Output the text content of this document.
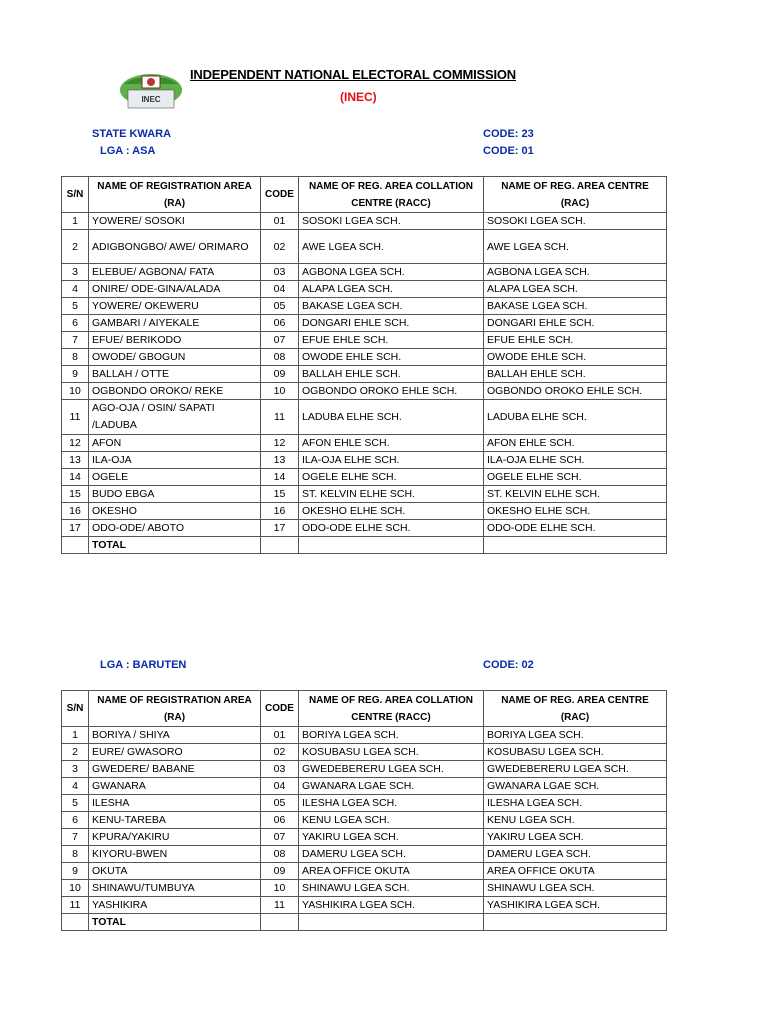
INEC
INDEPENDENT NATIONAL ELECTORAL COMMISSION
(INEC)
STATE KWARA	CODE: 23
LGA : ASA	CODE: 01
S/N	NAME OF REGISTRATION AREA (RA)	CODE	NAME OF REG. AREA COLLATION CENTRE (RACC)	NAME OF REG. AREA CENTRE (RAC)
1	YOWERE/ SOSOKI	01	SOSOKI LGEA SCH.	SOSOKI LGEA SCH.
2	ADIGBONGBO/ AWE/ ORIMARO	02	AWE LGEA SCH.	AWE LGEA SCH.
3	ELEBUE/ AGBONA/ FATA	03	AGBONA LGEA SCH.	AGBONA LGEA SCH.
4	ONIRE/ ODE-GINA/ALADA	04	ALAPA LGEA SCH.	ALAPA LGEA SCH.
5	YOWERE/ OKEWERU	05	BAKASE LGEA SCH.	BAKASE LGEA SCH.
6	GAMBARI / AIYEKALE	06	DONGARI EHLE SCH.	DONGARI EHLE SCH.
7	EFUE/ BERIKODO	07	EFUE EHLE SCH.	EFUE EHLE SCH.
8	OWODE/ GBOGUN	08	OWODE EHLE SCH.	OWODE EHLE SCH.
9	BALLAH / OTTE	09	BALLAH EHLE SCH.	BALLAH EHLE SCH.
10	OGBONDO OROKO/ REKE	10	OGBONDO OROKO EHLE SCH.	OGBONDO OROKO EHLE SCH.
11	AGO-OJA / OSIN/ SAPATI /LADUBA	11	LADUBA ELHE SCH.	LADUBA ELHE SCH.
12	AFON	12	AFON EHLE SCH.	AFON EHLE SCH.
13	ILA-OJA	13	ILA-OJA ELHE SCH.	ILA-OJA ELHE SCH.
14	OGELE	14	OGELE ELHE SCH.	OGELE ELHE SCH.
15	BUDO EBGA	15	ST. KELVIN ELHE SCH.	ST. KELVIN ELHE SCH.
16	OKESHO	16	OKESHO ELHE SCH.	OKESHO ELHE SCH.
17	ODO-ODE/ ABOTO	17	ODO-ODE ELHE SCH.	ODO-ODE ELHE SCH.
	TOTAL			
LGA : BARUTEN	CODE: 02
S/N	NAME OF REGISTRATION AREA (RA)	CODE	NAME OF REG. AREA COLLATION CENTRE (RACC)	NAME OF REG. AREA CENTRE (RAC)
1	BORIYA / SHIYA	01	BORIYA LGEA SCH.	BORIYA LGEA SCH.
2	EURE/ GWASORO	02	KOSUBASU LGEA SCH.	KOSUBASU LGEA SCH.
3	GWEDERE/ BABANE	03	GWEDEBERERU LGEA SCH.	GWEDEBERERU LGEA SCH.
4	GWANARA	04	GWANARA LGAE SCH.	GWANARA LGAE SCH.
5	ILESHA	05	ILESHA LGEA SCH.	ILESHA LGEA SCH.
6	KENU-TAREBA	06	KENU LGEA SCH.	KENU LGEA SCH.
7	KPURA/YAKIRU	07	YAKIRU LGEA SCH.	YAKIRU LGEA SCH.
8	KIYORU-BWEN	08	DAMERU LGEA SCH.	DAMERU LGEA SCH.
9	OKUTA	09	AREA OFFICE OKUTA	AREA OFFICE OKUTA
10	SHINAWU/TUMBUYA	10	SHINAWU LGEA SCH.	SHINAWU LGEA SCH.
11	YASHIKIRA	11	YASHIKIRA LGEA SCH.	YASHIKIRA LGEA SCH.
	TOTAL			
